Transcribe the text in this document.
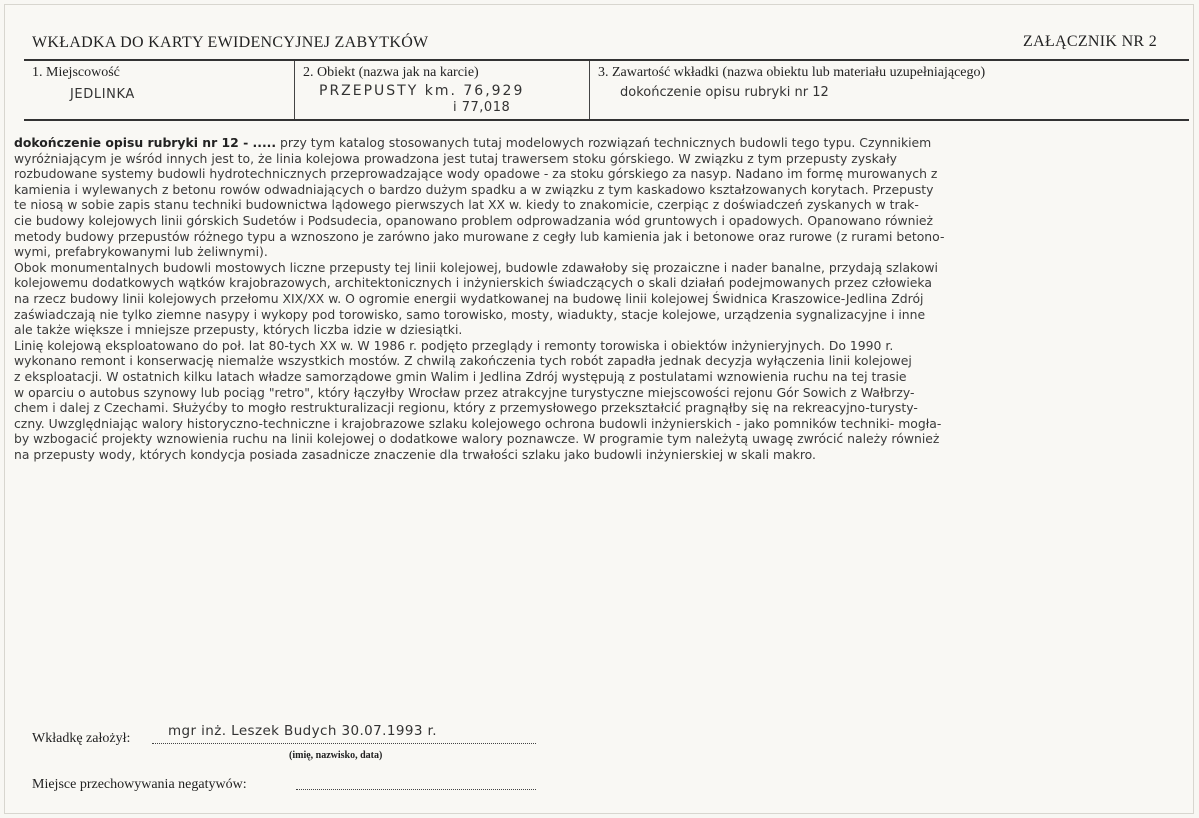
WKŁADKA DO KARTY EWIDENCYJNEJ ZABYTKÓW	ZAŁĄCZNIK NR 2
1. Miejscowość
JEDLINKA
2. Obiekt (nazwa jak na karcie)
PRZEPUSTY km. 76,929
i 77,018
3. Zawartość wkładki (nazwa obiektu lub materiału uzupełniającego)
dokończenie opisu rubryki nr 12
dokończenie opisu rubryki nr 12 - ..... przy tym katalog stosowanych tutaj modelowych rozwiązań technicznych budowli tego typu. Czynnikiem
wyróżniającym je wśród innych jest to, że linia kolejowa prowadzona jest tutaj trawersem stoku górskiego. W związku z tym przepusty zyskały
rozbudowane systemy budowli hydrotechnicznych przeprowadzające wody opadowe - za stoku górskiego za nasyp. Nadano im formę murowanych z
kamienia i wylewanych z betonu rowów odwadniających o bardzo dużym spadku a w związku z tym kaskadowo kształzowanych korytach. Przepusty
te niosą w sobie zapis stanu techniki budownictwa lądowego pierwszych lat XX w. kiedy to znakomicie, czerpiąc z doświadczeń zyskanych w trak-
cie budowy kolejowych linii górskich Sudetów i Podsudecia, opanowano problem odprowadzania wód gruntowych i opadowych. Opanowano również
metody budowy przepustów różnego typu a wznoszono je zarówno jako murowane z cegły lub kamienia jak i betonowe oraz rurowe (z rurami betono-
wymi, prefabrykowanymi lub żeliwnymi).
Obok monumentalnych budowli mostowych liczne przepusty tej linii kolejowej, budowle zdawałoby się prozaiczne i nader banalne, przydają szlakowi
kolejowemu dodatkowych wątków krajobrazowych, architektonicznych i inżynierskich świadczących o skali działań podejmowanych przez człowieka
na rzecz budowy linii kolejowych przełomu XIX/XX w. O ogromie energii wydatkowanej na budowę linii kolejowej Świdnica Kraszowice-Jedlina Zdrój
zaświadczają nie tylko ziemne nasypy i wykopy pod torowisko, samo torowisko, mosty, wiadukty, stacje kolejowe, urządzenia sygnalizacyjne i inne
ale także większe i mniejsze przepusty, których liczba idzie w dziesiątki.
Linię kolejową eksploatowano do poł. lat 80-tych XX w. W 1986 r. podjęto przeglądy i remonty torowiska i obiektów inżynieryjnych. Do 1990 r.
wykonano remont i konserwację niemalże wszystkich mostów. Z chwilą zakończenia tych robót zapadła jednak decyzja wyłączenia linii kolejowej
z eksploatacji. W ostatnich kilku latach władze samorządowe gmin Walim i Jedlina Zdrój występują z postulatami wznowienia ruchu na tej trasie
w oparciu o autobus szynowy lub pociąg "retro", który łączyłby Wrocław przez atrakcyjne turystyczne miejscowości rejonu Gór Sowich z Wałbrzy-
chem i dalej z Czechami. Służyćby to mogło restrukturalizacji regionu, który z przemysłowego przekształcić pragnąłby się na rekreacyjno-turysty-
czny. Uwzględniając walory historyczno-techniczne i krajobrazowe szlaku kolejowego ochrona budowli inżynierskich - jako pomników techniki- mogła-
by wzbogacić projekty wznowienia ruchu na linii kolejowej o dodatkowe walory poznawcze. W programie tym należytą uwagę zwrócić należy również
na przepusty wody, których kondycja posiada zasadnicze znaczenie dla trwałości szlaku jako budowli inżynierskiej w skali makro.
Wkładkę założył:	mgr inż. Leszek Budych 30.07.1993 r.
(imię, nazwisko, data)
Miejsce przechowywania negatywów:
